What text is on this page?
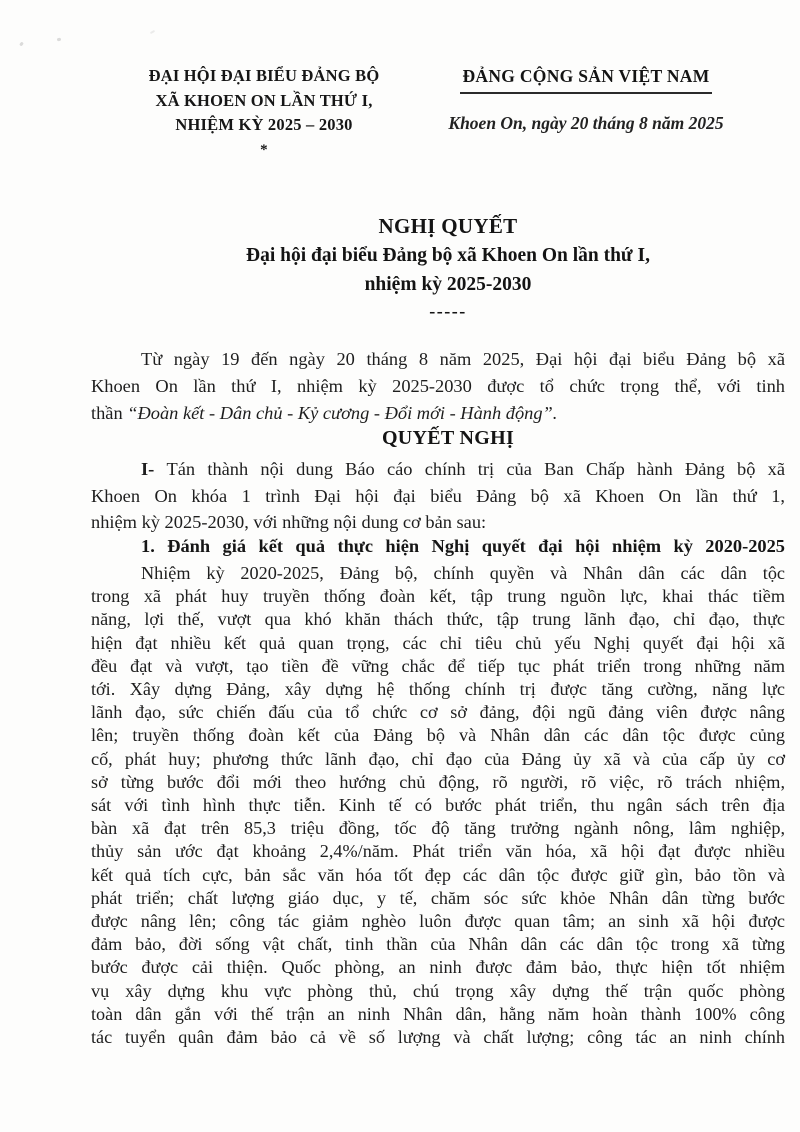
ĐẠI HỘI ĐẠI BIỂU ĐẢNG BỘ
XÃ KHOEN ON LẦN THỨ I,
NHIỆM KỲ 2025 – 2030
*
ĐẢNG CỘNG SẢN VIỆT NAM
Khoen On, ngày 20 tháng 8 năm 2025
NGHỊ QUYẾT
Đại hội đại biểu Đảng bộ xã Khoen On lần thứ I,
nhiệm kỳ 2025-2030
-----
Từ ngày 19 đến ngày 20 tháng 8 năm 2025, Đại hội đại biểu Đảng bộ xã
Khoen On lần thứ I, nhiệm kỳ 2025-2030 được tổ chức trọng thể, với tinh
thần “Đoàn kết - Dân chủ - Kỷ cương - Đổi mới - Hành động”.
QUYẾT NGHỊ
I- Tán thành nội dung Báo cáo chính trị của Ban Chấp hành Đảng bộ xã
Khoen On khóa 1 trình Đại hội đại biểu Đảng bộ xã Khoen On lần thứ 1,
nhiệm kỳ 2025-2030, với những nội dung cơ bản sau:
1. Đánh giá kết quả thực hiện Nghị quyết đại hội nhiệm kỳ 2020-2025
Nhiệm kỳ 2020-2025, Đảng bộ, chính quyền và Nhân dân các dân tộc
trong xã phát huy truyền thống đoàn kết, tập trung nguồn lực, khai thác tiềm
năng, lợi thế, vượt qua khó khăn thách thức, tập trung lãnh đạo, chỉ đạo, thực
hiện đạt nhiều kết quả quan trọng, các chỉ tiêu chủ yếu Nghị quyết đại hội xã
đều đạt và vượt, tạo tiền đề vững chắc để tiếp tục phát triển trong những năm
tới. Xây dựng Đảng, xây dựng hệ thống chính trị được tăng cường, năng lực
lãnh đạo, sức chiến đấu của tổ chức cơ sở đảng, đội ngũ đảng viên được nâng
lên; truyền thống đoàn kết của Đảng bộ và Nhân dân các dân tộc được củng
cố, phát huy; phương thức lãnh đạo, chỉ đạo của Đảng ủy xã và của cấp ủy cơ
sở từng bước đổi mới theo hướng chủ động, rõ người, rõ việc, rõ trách nhiệm,
sát với tình hình thực tiễn. Kinh tế có bước phát triển, thu ngân sách trên địa
bàn xã đạt trên 85,3 triệu đồng, tốc độ tăng trưởng ngành nông, lâm nghiệp,
thủy sản ước đạt khoảng 2,4%/năm. Phát triển văn hóa, xã hội đạt được nhiều
kết quả tích cực, bản sắc văn hóa tốt đẹp các dân tộc được giữ gìn, bảo tồn và
phát triển; chất lượng giáo dục, y tế, chăm sóc sức khỏe Nhân dân từng bước
được nâng lên; công tác giảm nghèo luôn được quan tâm; an sinh xã hội được
đảm bảo, đời sống vật chất, tinh thần của Nhân dân các dân tộc trong xã từng
bước được cải thiện. Quốc phòng, an ninh được đảm bảo, thực hiện tốt nhiệm
vụ xây dựng khu vực phòng thủ, chú trọng xây dựng thế trận quốc phòng
toàn dân gắn với thế trận an ninh Nhân dân, hằng năm hoàn thành 100% công
tác tuyển quân đảm bảo cả về số lượng và chất lượng; công tác an ninh chính
